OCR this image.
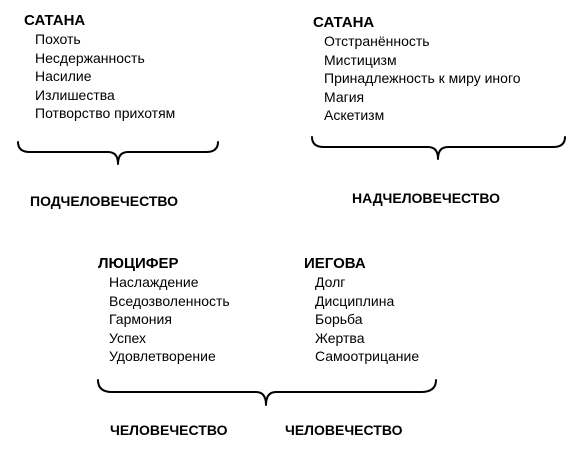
САТАНА
Похоть
Несдержанность
Насилие
Излишества
Потворство прихотям
САТАНА
Отстранённость
Мистицизм
Принадлежность к миру иного
Магия
Аскетизм
ПОДЧЕЛОВЕЧЕСТВО	НАДЧЕЛОВЕЧЕСТВО
ЛЮЦИФЕР
Наслаждение
Вседозволенность
Гармония
Успех
Удовлетворение
ИЕГОВА
Долг
Дисциплина
Борьба
Жертва
Самоотрицание
ЧЕЛОВЕЧЕСТВО	ЧЕЛОВЕЧЕСТВО
